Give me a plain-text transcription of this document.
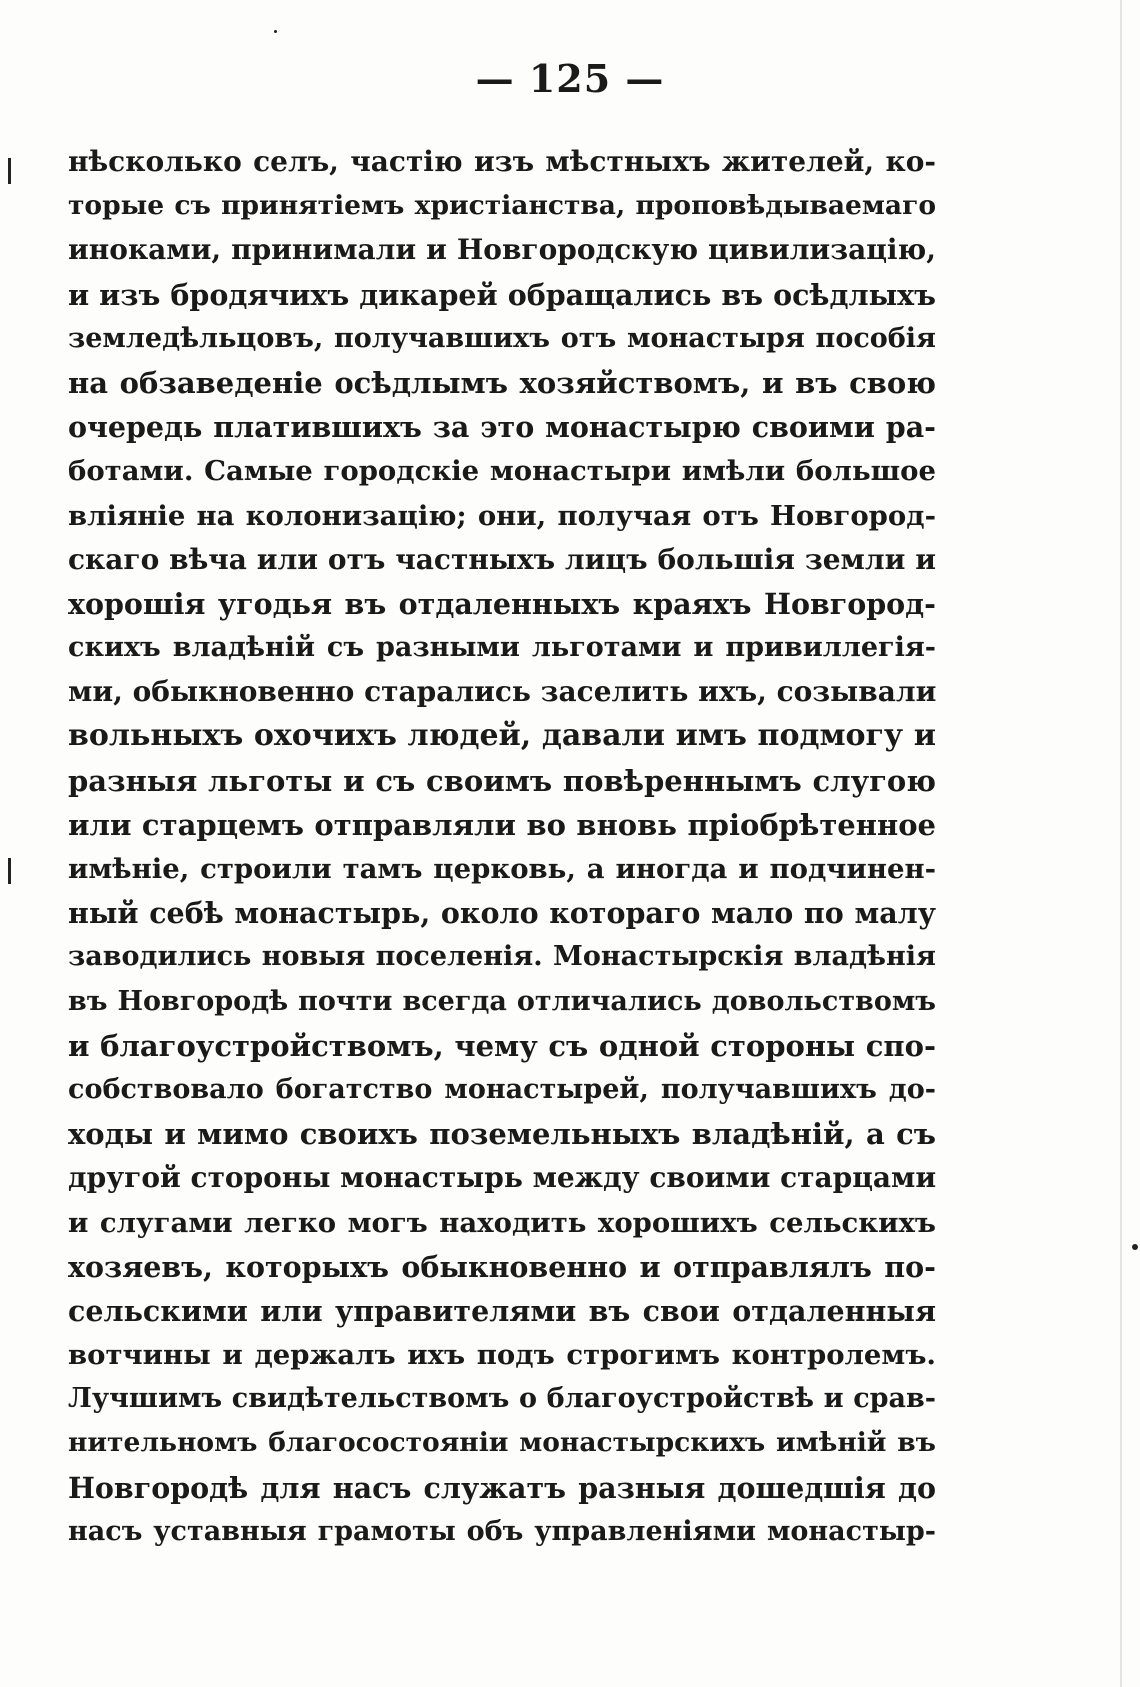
— 125 —
нѣсколько селъ, частію изъ мѣстныхъ жителей, ко-
торые съ принятіемъ христіанства, проповѣдываемаго
иноками, принимали и Новгородскую цивилизацію,
и изъ бродячихъ дикарей обращались въ осѣдлыхъ
земледѣльцовъ, получавшихъ отъ монастыря пособія
на обзаведеніе осѣдлымъ хозяйствомъ, и въ свою
очередь платившихъ за это монастырю своими ра-
ботами. Самые городскіе монастыри имѣли большое
вліяніе на колонизацію; они, получая отъ Новгород-
скаго вѣча или отъ частныхъ лицъ большія земли и
хорошія угодья въ отдаленныхъ краяхъ Новгород-
скихъ владѣній съ разными льготами и привиллегія-
ми, обыкновенно старались заселить ихъ, созывали
вольныхъ охочихъ людей, давали имъ подмогу и
разныя льготы и съ своимъ повѣреннымъ слугою
или старцемъ отправляли во вновь пріобрѣтенное
имѣніе, строили тамъ церковь, а иногда и подчинен-
ный себѣ монастырь, около котораго мало по малу
заводились новыя поселенія. Монастырскія владѣнія
въ Новгородѣ почти всегда отличались довольствомъ
и благоустройствомъ, чему съ одной стороны спо-
собствовало богатство монастырей, получавшихъ до-
ходы и мимо своихъ поземельныхъ владѣній, а съ
другой стороны монастырь между своими старцами
и слугами легко могъ находить хорошихъ сельскихъ
хозяевъ, которыхъ обыкновенно и отправлялъ по-
сельскими или управителями въ свои отдаленныя
вотчины и держалъ ихъ подъ строгимъ контролемъ.
Лучшимъ свидѣтельствомъ о благоустройствѣ и срав-
нительномъ благосостояніи монастырскихъ имѣній въ
Новгородѣ для насъ служатъ разныя дошедшія до
насъ уставныя грамоты объ управленіями монастыр-
